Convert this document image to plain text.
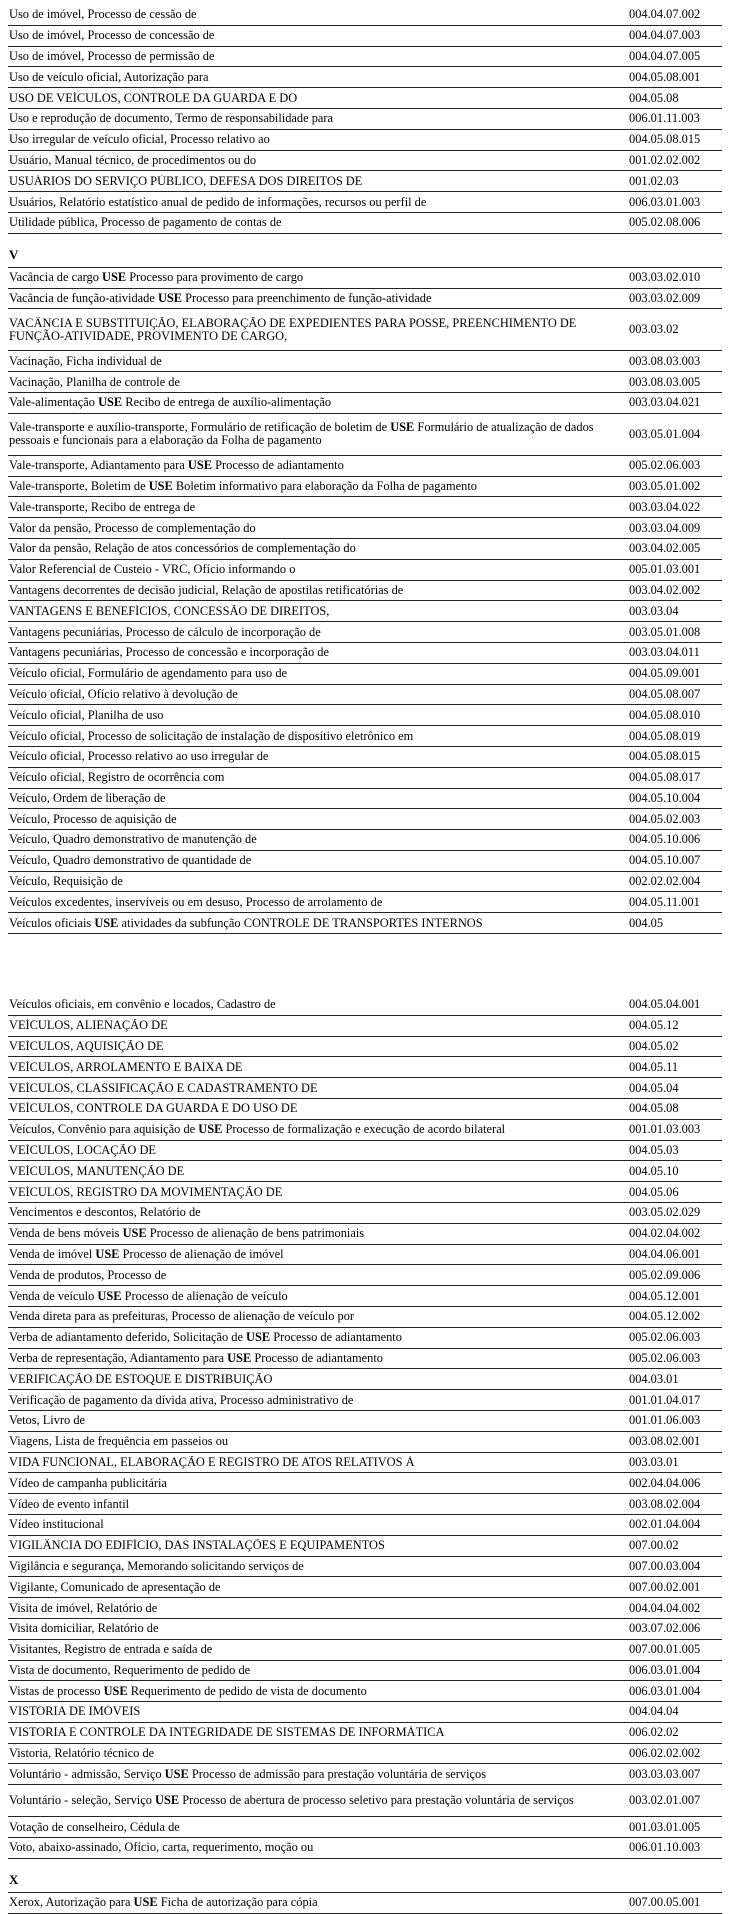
Uso de imóvel, Processo de cessão de	004.04.07.002
Uso de imóvel, Processo de concessão de	004.04.07.003
Uso de imóvel, Processo de permissão de	004.04.07.005
Uso de veículo oficial, Autorização para	004.05.08.001
USO DE VEÍCULOS, CONTROLE DA GUARDA E DO	004.05.08
Uso e reprodução de documento, Termo de responsabilidade para	006.01.11.003
Uso irregular de veículo oficial, Processo relativo ao	004.05.08.015
Usuário, Manual técnico, de procedimentos ou do	001.02.02.002
USUÁRIOS DO SERVIÇO PÚBLICO, DEFESA DOS DIREITOS DE	001.02.03
Usuários, Relatório estatístico anual de pedido de informações, recursos ou perfil de	006.03.01.003
Utilidade pública, Processo de pagamento de contas de	005.02.08.006
V
Vacância de cargo USE Processo para provimento de cargo	003.03.02.010
Vacância de função-atividade USE Processo para preenchimento de função-atividade	003.03.02.009
VACÂNCIA E SUBSTITUIÇÃO, ELABORAÇÃO DE EXPEDIENTES PARA POSSE, PREENCHIMENTO DE FUNÇÃO-ATIVIDADE, PROVIMENTO DE CARGO,	003.03.02
Vacinação, Ficha individual de	003.08.03.003
Vacinação, Planilha de controle de	003.08.03.005
Vale-alimentação USE Recibo de entrega de auxílio-alimentação	003.03.04.021
Vale-transporte e auxílio-transporte, Formulário de retificação de boletim de USE Formulário de atualização de dados pessoais e funcionais para a elaboração da Folha de pagamento	003.05.01.004
Vale-transporte, Adiantamento para USE Processo de adiantamento	005.02.06.003
Vale-transporte, Boletim de USE Boletim informativo para elaboração da Folha de pagamento	003.05.01.002
Vale-transporte, Recibo de entrega de	003.03.04.022
Valor da pensão, Processo de complementação do	003.03.04.009
Valor da pensão, Relação de atos concessórios de complementação do	003.04.02.005
Valor Referencial de Custeio - VRC, Ofício informando o	005.01.03.001
Vantagens decorrentes de decisão judicial, Relação de apostilas retificatórias de	003.04.02.002
VANTAGENS E BENEFÍCIOS, CONCESSÃO DE DIREITOS,	003.03.04
Vantagens pecuniárias, Processo de cálculo de incorporação de	003.05.01.008
Vantagens pecuniárias, Processo de concessão e incorporação de	003.03.04.011
Veículo oficial, Formulário de agendamento para uso de	004.05.09.001
Veículo oficial, Ofício relativo à devolução de	004.05.08.007
Veículo oficial, Planilha de uso	004.05.08.010
Veículo oficial, Processo de solicitação de instalação de dispositivo eletrônico em	004.05.08.019
Veículo oficial, Processo relativo ao uso irregular de	004.05.08.015
Veículo oficial, Registro de ocorrência com	004.05.08.017
Veículo, Ordem de liberação de	004.05.10.004
Veículo, Processo de aquisição de	004.05.02.003
Veículo, Quadro demonstrativo de manutenção de	004.05.10.006
Veículo, Quadro demonstrativo de quantidade de	004.05.10.007
Veículo, Requisição de	002.02.02.004
Veículos excedentes, inservíveis ou em desuso, Processo de arrolamento de	004.05.11.001
Veículos oficiais USE atividades da subfunção CONTROLE DE TRANSPORTES INTERNOS	004.05
Veículos oficiais, em convênio e locados, Cadastro de	004.05.04.001
VEÍCULOS, ALIENAÇÃO DE	004.05.12
VEÍCULOS, AQUISIÇÃO DE	004.05.02
VEÍCULOS, ARROLAMENTO E BAIXA DE	004.05.11
VEÍCULOS, CLASSIFICAÇÃO E CADASTRAMENTO DE	004.05.04
VEÍCULOS, CONTROLE DA GUARDA E DO USO DE	004.05.08
Veículos, Convênio para aquisição de USE Processo de formalização e execução de acordo bilateral	001.01.03.003
VEÍCULOS, LOCAÇÃO DE	004.05.03
VEÍCULOS, MANUTENÇÃO DE	004.05.10
VEÍCULOS, REGISTRO DA MOVIMENTAÇÃO DE	004.05.06
Vencimentos e descontos, Relatório de	003.05.02.029
Venda de bens móveis USE Processo de alienação de bens patrimoniais	004.02.04.002
Venda de imóvel USE Processo de alienação de imóvel	004.04.06.001
Venda de produtos, Processo de	005.02.09.006
Venda de veículo USE Processo de alienação de veículo	004.05.12.001
Venda direta para as prefeituras, Processo de alienação de veículo por	004.05.12.002
Verba de adiantamento deferido, Solicitação de USE Processo de adiantamento	005.02.06.003
Verba de representação, Adiantamento para USE Processo de adiantamento	005.02.06.003
VERIFICAÇÃO DE ESTOQUE E DISTRIBUIÇÃO	004.03.01
Verificação de pagamento da dívida ativa, Processo administrativo de	001.01.04.017
Vetos, Livro de	001.01.06.003
Viagens, Lista de frequência em passeios ou	003.08.02.001
VIDA FUNCIONAL, ELABORAÇÃO E REGISTRO DE ATOS RELATIVOS À	003.03.01
Vídeo de campanha publicitária	002.04.04.006
Vídeo de evento infantil	003.08.02.004
Vídeo institucional	002.01.04.004
VIGILÂNCIA DO EDIFÍCIO, DAS INSTALAÇÕES E EQUIPAMENTOS	007.00.02
Vigilância e segurança, Memorando solicitando serviços de	007.00.03.004
Vigilante, Comunicado de apresentação de	007.00.02.001
Visita de imóvel, Relatório de	004.04.04.002
Visita domiciliar, Relatório de	003.07.02.006
Visitantes, Registro de entrada e saída de	007.00.01.005
Vista de documento, Requerimento de pedido de	006.03.01.004
Vistas de processo USE Requerimento de pedido de vista de documento	006.03.01.004
VISTORIA DE IMÓVEIS	004.04.04
VISTORIA E CONTROLE DA INTEGRIDADE DE SISTEMAS DE INFORMÁTICA	006.02.02
Vistoria, Relatório técnico de	006.02.02.002
Voluntário - admissão, Serviço USE Processo de admissão para prestação voluntária de serviços	003.03.03.007
Voluntário - seleção, Serviço USE Processo de abertura de processo seletivo para prestação voluntária de serviços	003.02.01.007
Votação de conselheiro, Cédula de	001.03.01.005
Voto, abaixo-assinado, Ofício, carta, requerimento, moção ou	006.01.10.003
X
Xerox, Autorização para USE Ficha de autorização para cópia	007.00.05.001
